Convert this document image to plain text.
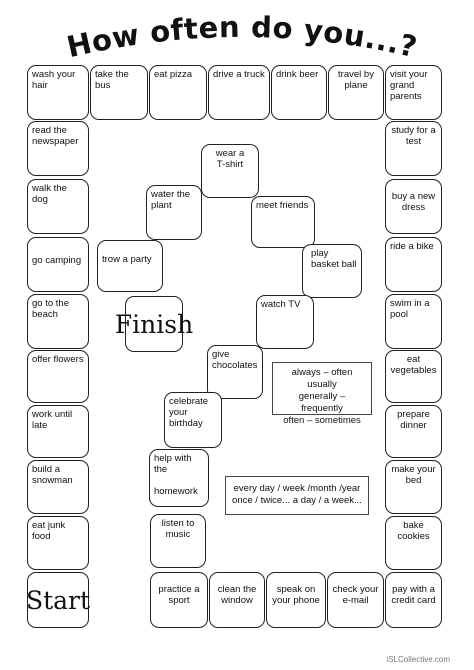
How often do you...?
wash your
hair
take the
bus
eat pizza	drive a truck drink beer	travel by
plane
visit your
grand
parents
read the
newspaper
walk the
dog
go camping
go to the
beach
offer flowers
work until
late
build a
snowman
eat junk
food
Start
study for a
test
buy a new
dress
ride a bike
swim in a
pool
eat
vegetables
prepare
dinner
make your
bed
bake
cookies
practice a
sport
clean the
window
speak on
your phone
check your
e-mail
pay with a
credit card
wear a
T-shirt
water the
plant	meet friends
trow a party
play
basket ball
Finish
watch TV
give
chocolates
celebrate
your
birthday
help with the

homework
listen to
music
always – often
usually
generally – frequently
often – sometimes
every day / week /month /year
once / twice... a day / a week...
iSLCollective.com
